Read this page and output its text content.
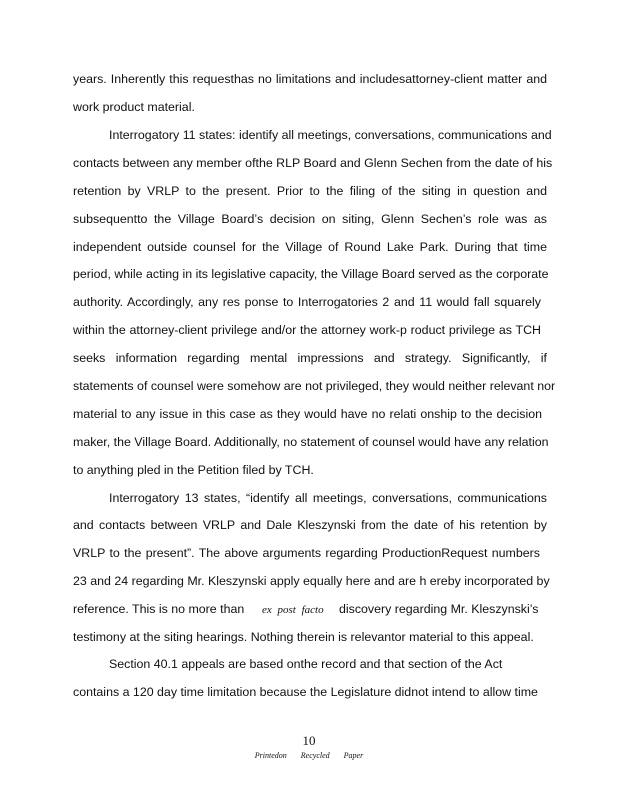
years. Inherently this requesthas no limitations and includesattorney-client matter and
work product material.
Interrogatory 11 states: identify all meetings, conversations, communications and
contacts between any member ofthe RLP Board and Glenn Sechen from the date of his
retention by VRLP to the present. Prior to the filing of the siting in question and
subsequentto the Village Board’s decision on siting, Glenn Sechen’s role was as
independent outside counsel for the Village of Round Lake Park. During that time
period, while acting in its legislative capacity, the Village Board served as the corporate
authority. Accordingly, any res ponse to Interrogatories 2 and 11 would fall squarely
within the attorney-client privilege and/or the attorney work-p roduct privilege as TCH
seeks information regarding mental impressions and strategy. Significantly, if
statements of counsel were somehow are not privileged, they would neither relevant nor
material to any issue in this case as they would have no relati onship to the decision
maker, the Village Board. Additionally, no statement of counsel would have any relation
to anything pled in the Petition filed by TCH.
Interrogatory 13 states, “identify all meetings, conversations, communications
and contacts between VRLP and Dale Kleszynski from the date of his retention by
VRLP to the present”. The above arguments regarding ProductionRequest numbers
23 and 24 regarding Mr. Kleszynski apply equally here and are h ereby incorporated by
reference. This is no more than	ex post facto	discovery regarding Mr. Kleszynski’s
testimony at the siting hearings. Nothing therein is relevantor material to this appeal.
Section 40.1 appeals are based onthe record and that section of the Act
contains a 120 day time limitation because the Legislature didnot intend to allow time
10
Printedon Recycled Paper
